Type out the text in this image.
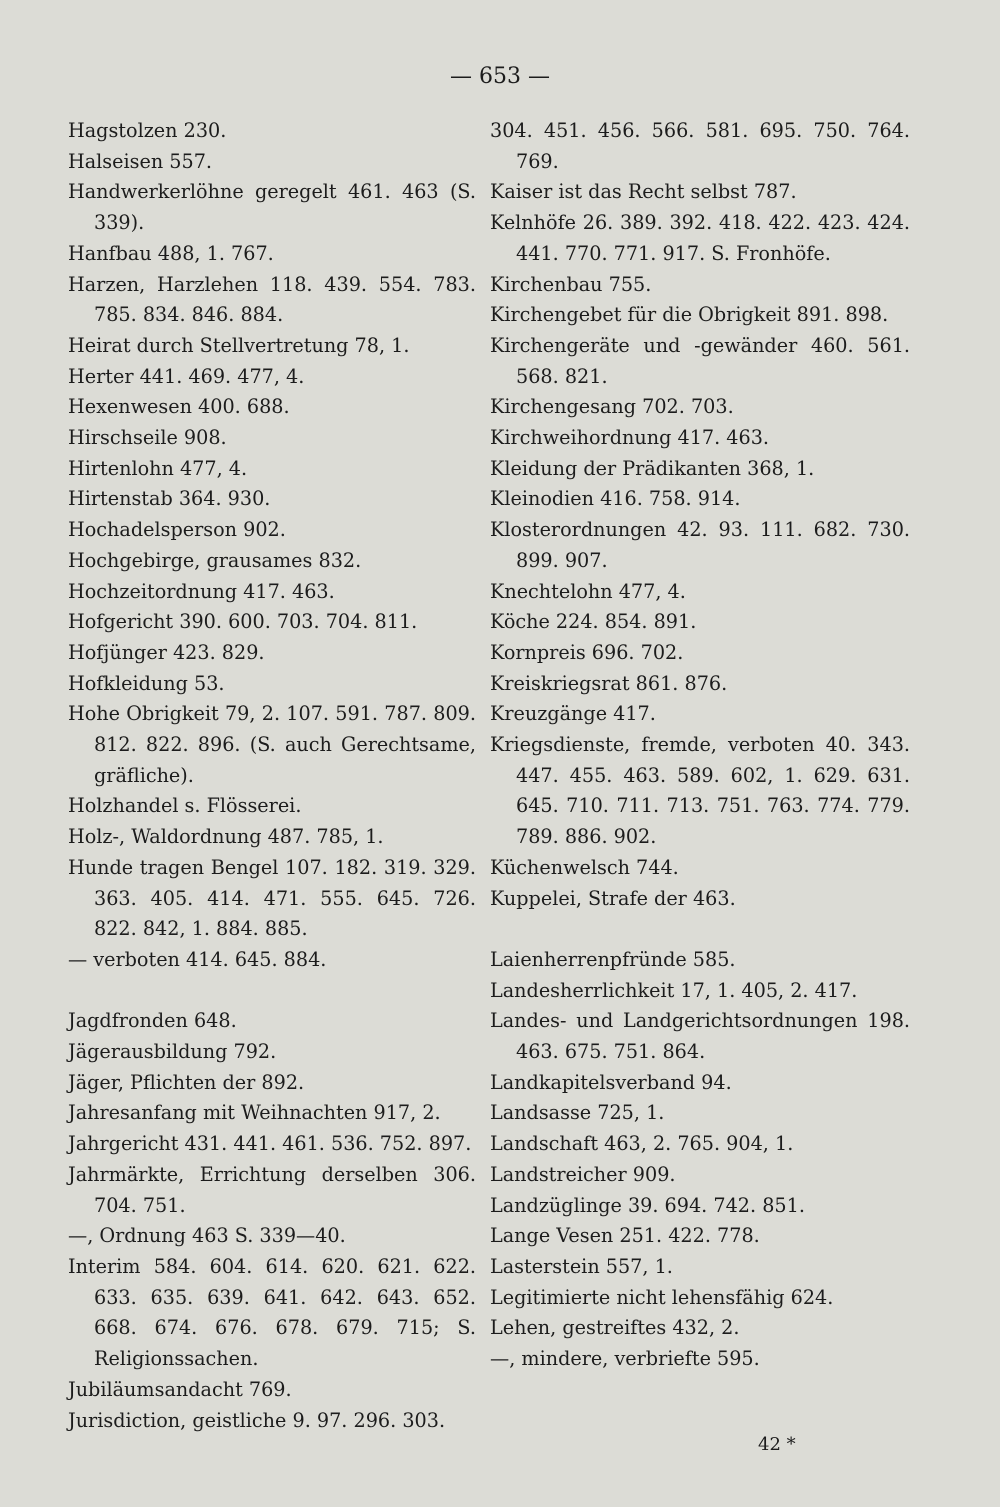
— 653 —
Hagstolzen 230.
Halseisen 557.
Handwerkerlöhne geregelt 461. 463 (S. 339).
Hanfbau 488, 1. 767.
Harzen, Harzlehen 118. 439. 554. 783. 785. 834. 846. 884.
Heirat durch Stellvertretung 78, 1.
Herter 441. 469. 477, 4.
Hexenwesen 400. 688.
Hirschseile 908.
Hirtenlohn 477, 4.
Hirtenstab 364. 930.
Hochadelsperson 902.
Hochgebirge, grausames 832.
Hochzeitordnung 417. 463.
Hofgericht 390. 600. 703. 704. 811.
Hofjünger 423. 829.
Hofkleidung 53.
Hohe Obrigkeit 79, 2. 107. 591. 787. 809. 812. 822. 896. (S. auch Gerechtsame, gräfliche).
Holzhandel s. Flösserei.
Holz-, Waldordnung 487. 785, 1.
Hunde tragen Bengel 107. 182. 319. 329. 363. 405. 414. 471. 555. 645. 726. 822. 842, 1. 884. 885.
— verboten 414. 645. 884.
Jagdfronden 648.
Jägerausbildung 792.
Jäger, Pflichten der 892.
Jahresanfang mit Weihnachten 917, 2.
Jahrgericht 431. 441. 461. 536. 752. 897.
Jahrmärkte, Errichtung derselben 306. 704. 751.
—, Ordnung 463 S. 339—40.
Interim 584. 604. 614. 620. 621. 622. 633. 635. 639. 641. 642. 643. 652. 668. 674. 676. 678. 679. 715; S. Religionssachen.
Jubiläumsandacht 769.
Jurisdiction, geistliche 9. 97. 296. 303.
304. 451. 456. 566. 581. 695. 750. 764. 769.
Kaiser ist das Recht selbst 787.
Kelnhöfe 26. 389. 392. 418. 422. 423. 424. 441. 770. 771. 917. S. Fronhöfe.
Kirchenbau 755.
Kirchengebet für die Obrigkeit 891. 898.
Kirchengeräte und -gewänder 460. 561. 568. 821.
Kirchengesang 702. 703.
Kirchweihordnung 417. 463.
Kleidung der Prädikanten 368, 1.
Kleinodien 416. 758. 914.
Klosterordnungen 42. 93. 111. 682. 730. 899. 907.
Knechtelohn 477, 4.
Köche 224. 854. 891.
Kornpreis 696. 702.
Kreiskriegsrat 861. 876.
Kreuzgänge 417.
Kriegsdienste, fremde, verboten 40. 343. 447. 455. 463. 589. 602, 1. 629. 631. 645. 710. 711. 713. 751. 763. 774. 779. 789. 886. 902.
Küchenwelsch 744.
Kuppelei, Strafe der 463.
Laienherrenpfründe 585.
Landesherrlichkeit 17, 1. 405, 2. 417.
Landes- und Landgerichtsordnungen 198. 463. 675. 751. 864.
Landkapitelsverband 94.
Landsasse 725, 1.
Landschaft 463, 2. 765. 904, 1.
Landstreicher 909.
Landzüglinge 39. 694. 742. 851.
Lange Vesen 251. 422. 778.
Lasterstein 557, 1.
Legitimierte nicht lehensfähig 624.
Lehen, gestreiftes 432, 2.
—, mindere, verbriefte 595.
42 *
